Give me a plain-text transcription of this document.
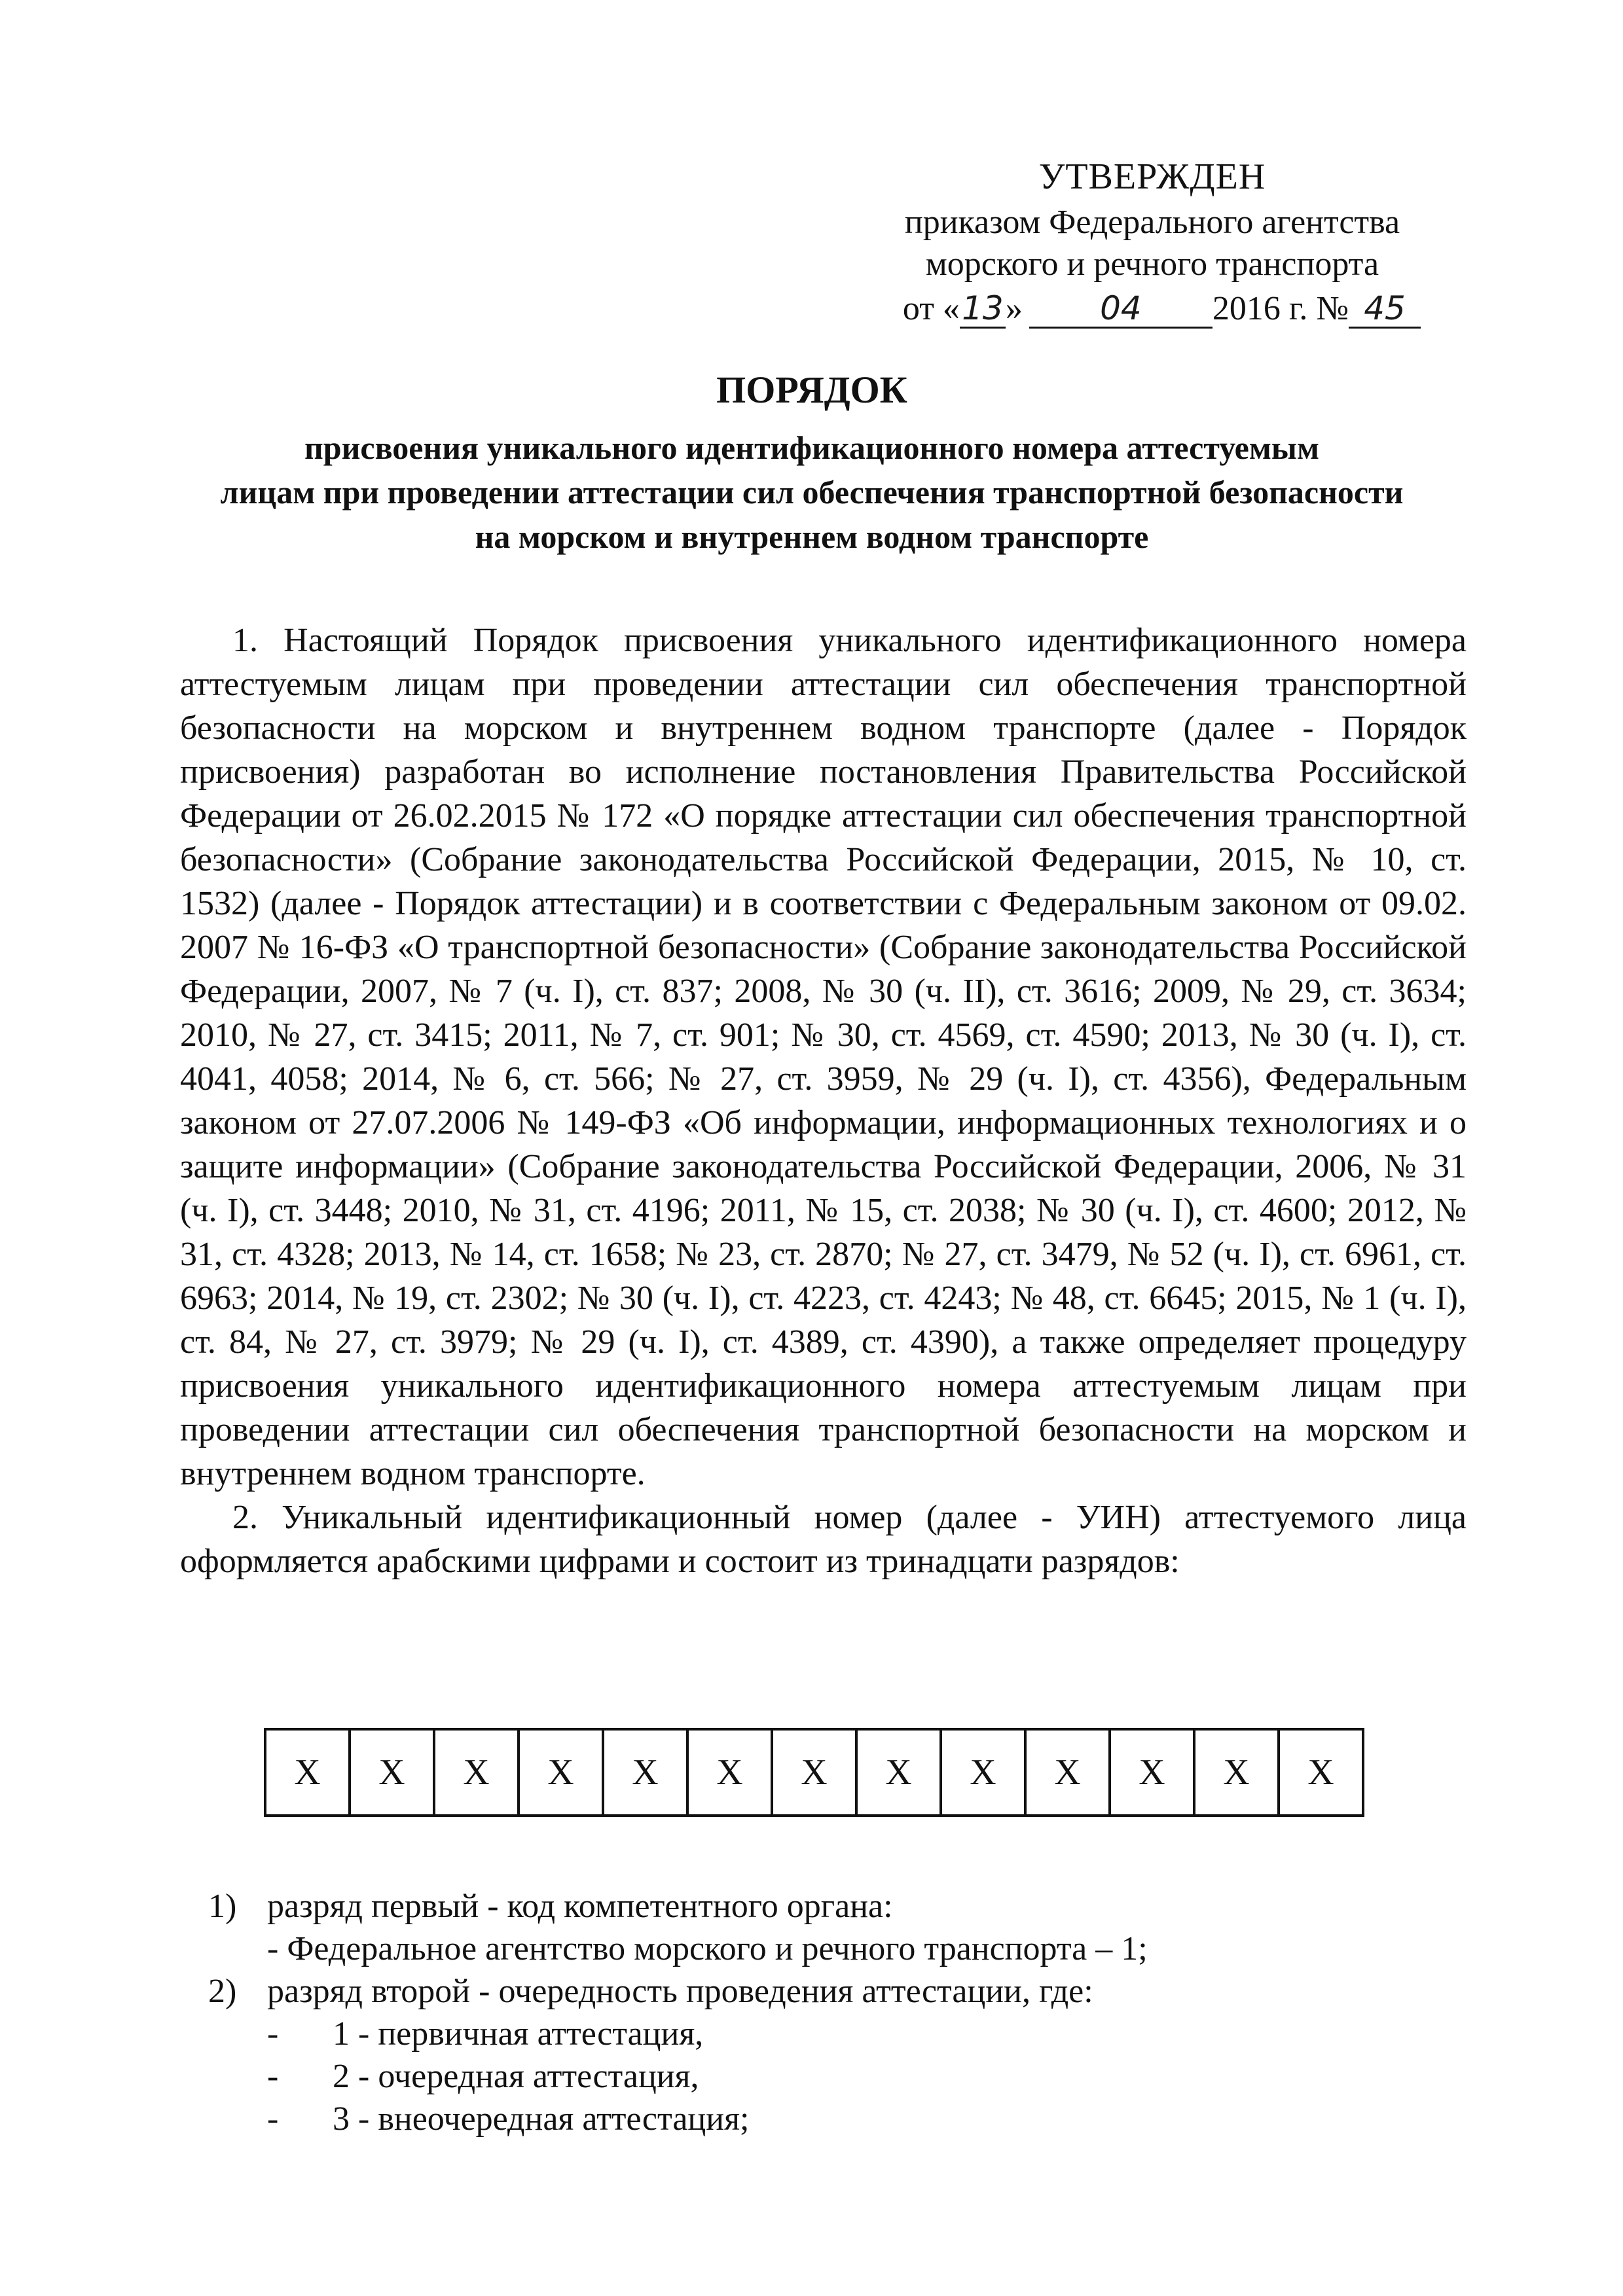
УТВЕРЖДЕН
приказом Федерального агентства
морского и речного транспорта
от « 13 »	04	2016 г. № 45
ПОРЯДОК
присвоения уникального идентификационного номера аттестуемым
лицам при проведении аттестации сил обеспечения транспортной безопасности
на морском и внутреннем водном транспорте

1. Настоящий Порядок присвоения уникального идентификационного номера аттестуемым лицам при проведении аттестации сил обеспечения транспортной безопасности на морском и внутреннем водном транспорте (далее - Порядок присвоения) разработан во исполнение постановления Правительства Российской Федерации от 26.02.2015 № 172 «О порядке аттестации сил обеспечения транспортной безопасности» (Собрание законодательства Российской Федерации, 2015, № 10, ст. 1532) (далее - Порядок аттестации) и в соответствии с Федеральным законом от 09.02. 2007 № 16-ФЗ «О транспортной безопасности» (Собрание законодательства Российской Федерации, 2007, № 7 (ч. I), ст. 837; 2008, № 30 (ч. II), ст. 3616; 2009, № 29, ст. 3634; 2010, № 27, ст. 3415; 2011, № 7, ст. 901; № 30, ст. 4569, ст. 4590; 2013, № 30 (ч. I), ст. 4041, 4058; 2014, № 6, ст. 566; № 27, ст. 3959, № 29 (ч. I), ст. 4356), Федеральным законом от 27.07.2006 № 149-ФЗ «Об информации, информационных технологиях и о защите информации» (Собрание законодательства Российской Федерации, 2006, № 31 (ч. I), ст. 3448; 2010, № 31, ст. 4196; 2011, № 15, ст. 2038; № 30 (ч. I), ст. 4600; 2012, № 31, ст. 4328; 2013, № 14, ст. 1658; № 23, ст. 2870; № 27, ст. 3479, № 52 (ч. I), ст. 6961, ст. 6963; 2014, № 19, ст. 2302; № 30 (ч. I), ст. 4223, ст. 4243; № 48, ст. 6645; 2015, № 1 (ч. I), ст. 84, № 27, ст. 3979; № 29 (ч. I), ст. 4389, ст. 4390), а также определяет процедуру присвоения уникального идентификационного номера аттестуемым лицам при проведении аттестации сил обеспечения транспортной безопасности на морском и внутреннем водном транспорте.

2. Уникальный идентификационный номер (далее - УИН) аттестуемого лица оформляется арабскими цифрами и состоит из тринадцати разрядов:

Х	Х	Х	Х	Х	Х	Х	Х	Х	Х	Х	Х	Х
1) разряд первый - код компетентного органа:
- Федеральное агентство морского и речного транспорта – 1;
2) разряд второй - очередность проведения аттестации, где:
-	1 - первичная аттестация,
-	2 - очередная аттестация,
-	3 - внеочередная аттестация;
